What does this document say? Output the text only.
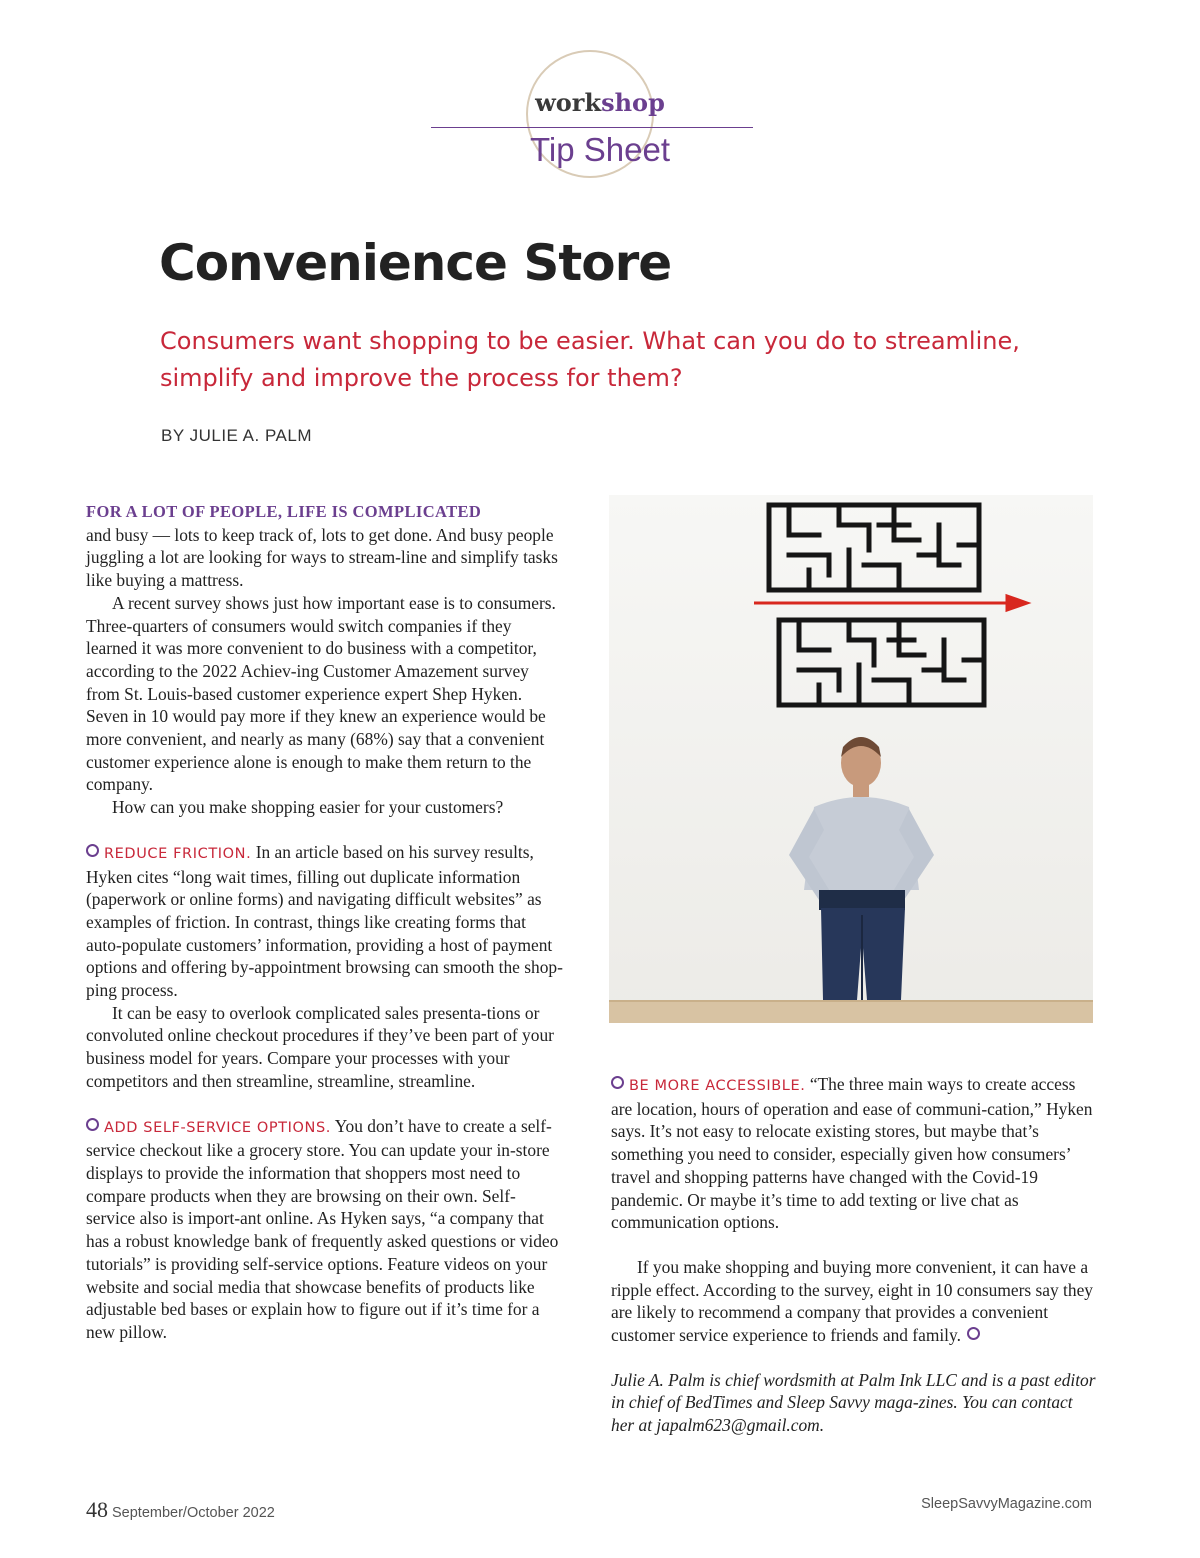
workshop
Tip Sheet
Convenience Store

Consumers want shopping to be easier. What can you do to streamline,
simplify and improve the process for them?

BY JULIE A. PALM

FOR A LOT OF PEOPLE, LIFE IS COMPLICATED
and busy — lots to keep track of, lots to get done. And busy people juggling a lot are looking for ways to stream-line and simplify tasks like buying a mattress.

A recent survey shows just how important ease is to consumers. Three-quarters of consumers would switch companies if they learned it was more convenient to do business with a competitor, according to the 2022 Achiev-ing Customer Amazement survey from St. Louis-based customer experience expert Shep Hyken. Seven in 10 would pay more if they knew an experience would be more convenient, and nearly as many (68%) say that a convenient customer experience alone is enough to make them return to the company.

How can you make shopping easier for your customers?

REDUCE FRICTION. In an article based on his survey results, Hyken cites “long wait times, filling out duplicate information (paperwork or online forms) and navigating difficult websites” as examples of friction. In contrast, things like creating forms that auto-populate customers’ information, providing a host of payment options and offering by-appointment browsing can smooth the shop-ping process.

It can be easy to overlook complicated sales presenta-tions or convoluted online checkout procedures if they’ve been part of your business model for years. Compare your processes with your competitors and then streamline, streamline, streamline.

ADD SELF-SERVICE OPTIONS. You don’t have to create a self-service checkout like a grocery store. You can update your in-store displays to provide the information that shoppers most need to compare products when they are browsing on their own. Self-service also is import-ant online. As Hyken says, “a company that has a robust knowledge bank of frequently asked questions or video tutorials” is providing self-service options. Feature videos on your website and social media that showcase benefits of products like adjustable bed bases or explain how to figure out if it’s time for a new pillow.

BE MORE ACCESSIBLE. “The three main ways to create access are location, hours of operation and ease of communi-cation,” Hyken says. It’s not easy to relocate existing stores, but maybe that’s something you need to consider, especially given how consumers’ travel and shopping patterns have changed with the Covid-19 pandemic. Or maybe it’s time to add texting or live chat as communication options.

If you make shopping and buying more convenient, it can have a ripple effect. According to the survey, eight in 10 consumers say they are likely to recommend a company that provides a convenient customer service experience to friends and family.

Julie A. Palm is chief wordsmith at Palm Ink LLC and is a past editor in chief of BedTimes and Sleep Savvy maga-zines. You can contact her at japalm623@gmail.com.

48 September/October 2022
SleepSavvyMagazine.com
